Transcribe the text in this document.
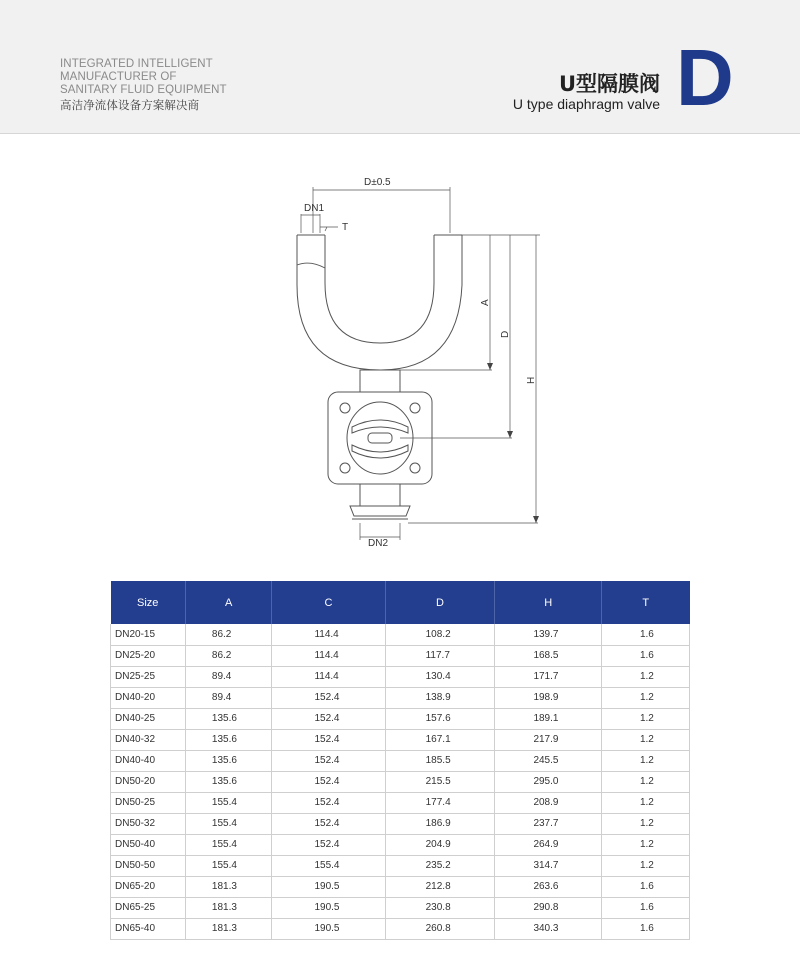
INTEGRATED INTELLIGENT
MANUFACTURER OF
SANITARY FLUID EQUIPMENT
高洁净流体设备方案解决商
U型隔膜阀
U type diaphragm valve D
D±0.5
DN1
T
A
D
H
DN2
Size	A	C	D	H	T
DN20-15	86.2	114.4	108.2	139.7	1.6
DN25-20	86.2	114.4	117.7	168.5	1.6
DN25-25	89.4	114.4	130.4	171.7	1.2
DN40-20	89.4	152.4	138.9	198.9	1.2
DN40-25	135.6	152.4	157.6	189.1	1.2
DN40-32	135.6	152.4	167.1	217.9	1.2
DN40-40	135.6	152.4	185.5	245.5	1.2
DN50-20	135.6	152.4	215.5	295.0	1.2
DN50-25	155.4	152.4	177.4	208.9	1.2
DN50-32	155.4	152.4	186.9	237.7	1.2
DN50-40	155.4	152.4	204.9	264.9	1.2
DN50-50	155.4	155.4	235.2	314.7	1.2
DN65-20	181.3	190.5	212.8	263.6	1.6
DN65-25	181.3	190.5	230.8	290.8	1.6
DN65-40	181.3	190.5	260.8	340.3	1.6
